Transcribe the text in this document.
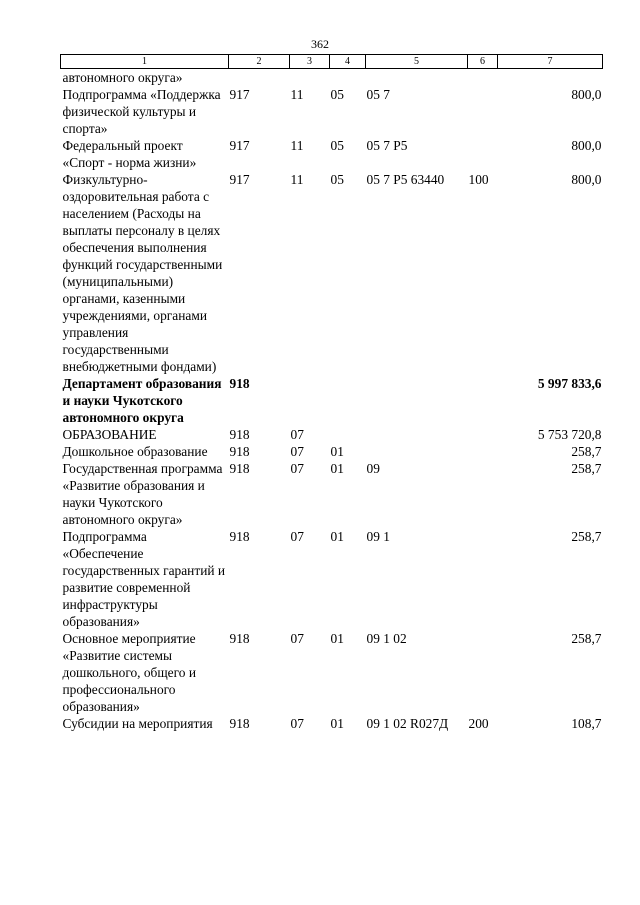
362
1	2	3	4	5	6	7
автономного округа»						
Подпрограмма «Поддержка физической культуры и спорта»	917	11	05	05 7		800,0
Федеральный проект «Спорт - норма жизни»	917	11	05	05 7 P5		800,0
Физкультурно-оздоровительная работа с населением (Расходы на выплаты персоналу в целях обеспечения выполнения функций государственными (муниципальными) органами, казенными учреждениями, органами управления государственными внебюджетными фондами)	917	11	05	05 7 P5 63440	100	800,0
Департамент образования и науки Чукотского автономного округа	918					5 997 833,6
ОБРАЗОВАНИЕ	918	07				5 753 720,8
Дошкольное образование	918	07	01			258,7
Государственная программа «Развитие образования и науки Чукотского автономного округа»	918	07	01	09		258,7
Подпрограмма «Обеспечение государственных гарантий и развитие современной инфраструктуры образования»	918	07	01	09 1		258,7
Основное мероприятие «Развитие системы дошкольного, общего и профессионального образования»	918	07	01	09 1 02		258,7
Субсидии на мероприятия	918	07	01	09 1 02 R027Д	200	108,7
